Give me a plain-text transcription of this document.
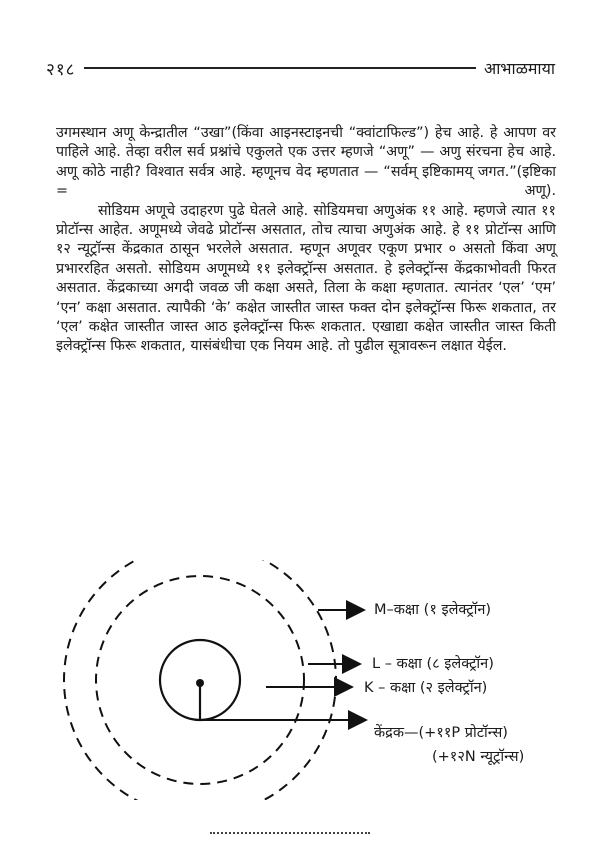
२१८	आभाळमाया

उगमस्थान अणू केन्द्रातील “उखा”(किंवा आइनस्टाइनची “क्वांटाफिल्ड”) हेच आहे. हे आपण वर पाहिले आहे. तेव्हा वरील सर्व प्रश्नांचे एकुलते एक उत्तर म्हणजे “अणू” — अणु संरचना हेच आहे. अणू कोठे नाही? विश्वात सर्वत्र आहे. म्हणूनच वेद म्हणतात — “सर्वम् इष्टिकामय् जगत.”(इष्टिका = अणू).

सोडियम अणूचे उदाहरण पुढे घेतले आहे. सोडियमचा अणुअंक ११ आहे. म्हणजे त्यात ११ प्रोटॉन्स आहेत. अणूमध्ये जेवढे प्रोटॉन्स असतात, तोच त्याचा अणुअंक आहे. हे ११ प्रोटॉन्स आणि १२ न्यूट्रॉन्स केंद्रकात ठासून भरलेले असतात. म्हणून अणूवर एकूण प्रभार ० असतो किंवा अणू प्रभाररहित असतो. सोडियम अणूमध्ये ११ इलेक्ट्रॉन्स असतात. हे इलेक्ट्रॉन्स केंद्रकाभोवती फिरत असतात. केंद्रकाच्या अगदी जवळ जी कक्षा असते, तिला के कक्षा म्हणतात. त्यानंतर ‘एल’ ‘एम’ ‘एन’ कक्षा असतात. त्यापैकी ‘के’ कक्षेत जास्तीत जास्त फक्त दोन इलेक्ट्रॉन्स फिरू शकतात, तर ‘एल’ कक्षेत जास्तीत जास्त आठ इलेक्ट्रॉन्स फिरू शकतात. एखाद्या कक्षेत जास्तीत जास्त किती इलेक्ट्रॉन्स फिरू शकतात, यासंबंधीचा एक नियम आहे. तो पुढील सूत्रावरून लक्षात येईल.

M–कक्षा (१ इलेक्ट्रॉन)
L – कक्षा (८ इलेक्ट्रॉन)
K – कक्षा (२ इलेक्ट्रॉन)
केंद्रक—(+११P प्रोटॉन्स)
(+१२N न्यूट्रॉन्स)
